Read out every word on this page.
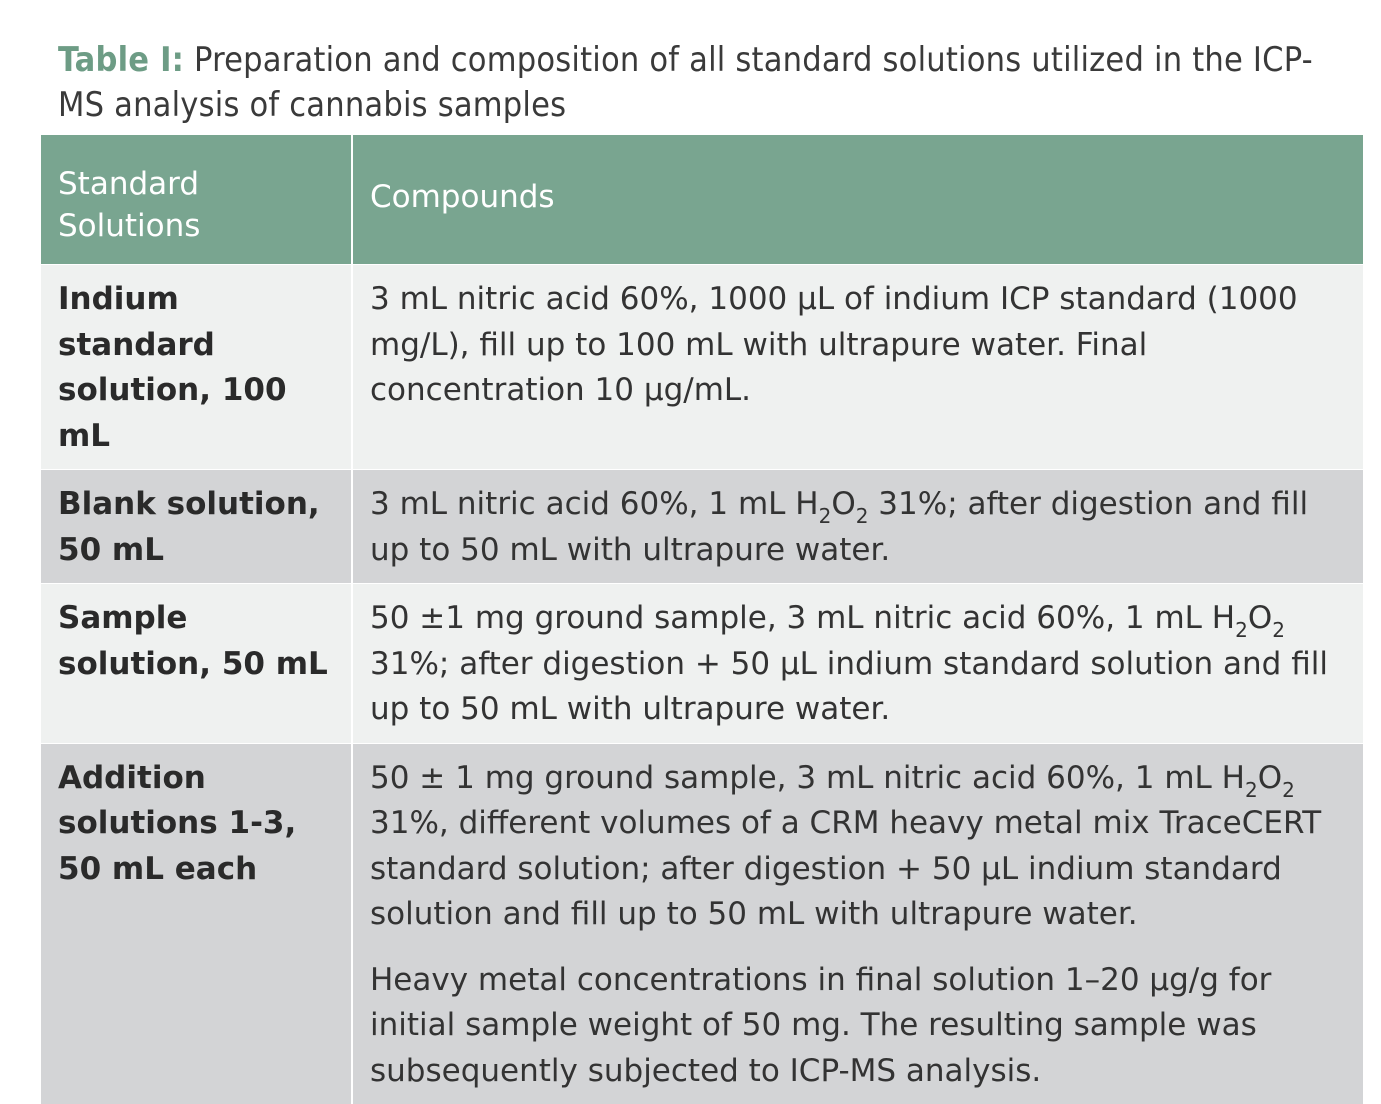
Table I: Preparation and composition of all standard solutions utilized in the ICP-MS analysis of cannabis samples
Standard Solutions	Compounds
Indium standard solution, 100 mL	3 mL nitric acid 60%, 1000 µL of indium ICP standard (1000 mg/L), fill up to 100 mL with ultrapure water. Final concentration 10 µg/mL.
Blank solution, 50 mL	3 mL nitric acid 60%, 1 mL $H_2O_2$ 31%; after digestion and fill up to 50 mL with ultrapure water.
Sample solution, 50 mL	50 ±1 mg ground sample, 3 mL nitric acid 60%, 1 mL $H_2O_2$ 31%; after digestion + 50 µL indium standard solution and fill up to 50 mL with ultrapure water.
Addition solutions 1-3, 50 mL each	50 ± 1 mg ground sample, 3 mL nitric acid 60%, 1 mL $H_2O_2$ 31%, different volumes of a CRM heavy metal mix TraceCERT standard solution; after digestion + 50 µL indium standard solution and fill up to 50 mL with ultrapure water.
Heavy metal concentrations in final solution 1–20 µg/g for initial sample weight of 50 mg. The resulting sample was subsequently subjected to ICP-MS analysis.
